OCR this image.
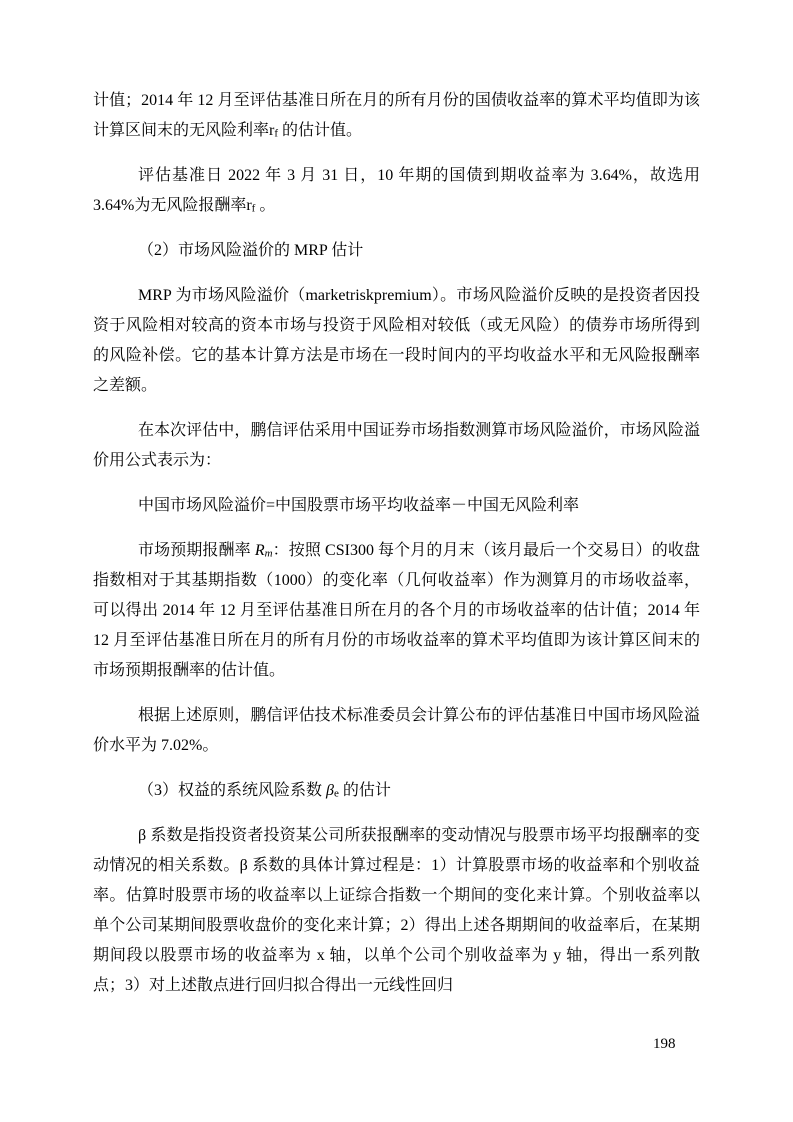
计值；2014 年 12 月至评估基准日所在月的所有月份的国债收益率的算术平均值即为该计算区间末的无风险利率$r_f$ 的估计值。

评估基准日 2022 年 3 月 31 日，10 年期的国债到期收益率为 3.64%，故选用3.64%为无风险报酬率$r_f$ 。

（2）市场风险溢价的 MRP 估计

MRP 为市场风险溢价（marketriskpremium）。市场风险溢价反映的是投资者因投资于风险相对较高的资本市场与投资于风险相对较低（或无风险）的债券市场所得到的风险补偿。它的基本计算方法是市场在一段时间内的平均收益水平和无风险报酬率之差额。

在本次评估中，鹏信评估采用中国证券市场指数测算市场风险溢价，市场风险溢价用公式表示为：

中国市场风险溢价=中国股票市场平均收益率－中国无风险利率

市场预期报酬率 $R_m$：按照 CSI300 每个月的月末（该月最后一个交易日）的收盘指数相对于其基期指数（1000）的变化率（几何收益率）作为测算月的市场收益率，可以得出 2014 年 12 月至评估基准日所在月的各个月的市场收益率的估计值；2014 年 12 月至评估基准日所在月的所有月份的市场收益率的算术平均值即为该计算区间末的市场预期报酬率的估计值。

根据上述原则，鹏信评估技术标准委员会计算公布的评估基准日中国市场风险溢价水平为 7.02%。

（3）权益的系统风险系数 $\beta_e$ 的估计

β 系数是指投资者投资某公司所获报酬率的变动情况与股票市场平均报酬率的变动情况的相关系数。β 系数的具体计算过程是：1）计算股票市场的收益率和个别收益率。估算时股票市场的收益率以上证综合指数一个期间的变化来计算。个别收益率以单个公司某期间股票收盘价的变化来计算；2）得出上述各期期间的收益率后，在某期期间段以股票市场的收益率为 x 轴，以单个公司个别收益率为 y 轴，得出一系列散点；3）对上述散点进行回归拟合得出一元线性回归

198
